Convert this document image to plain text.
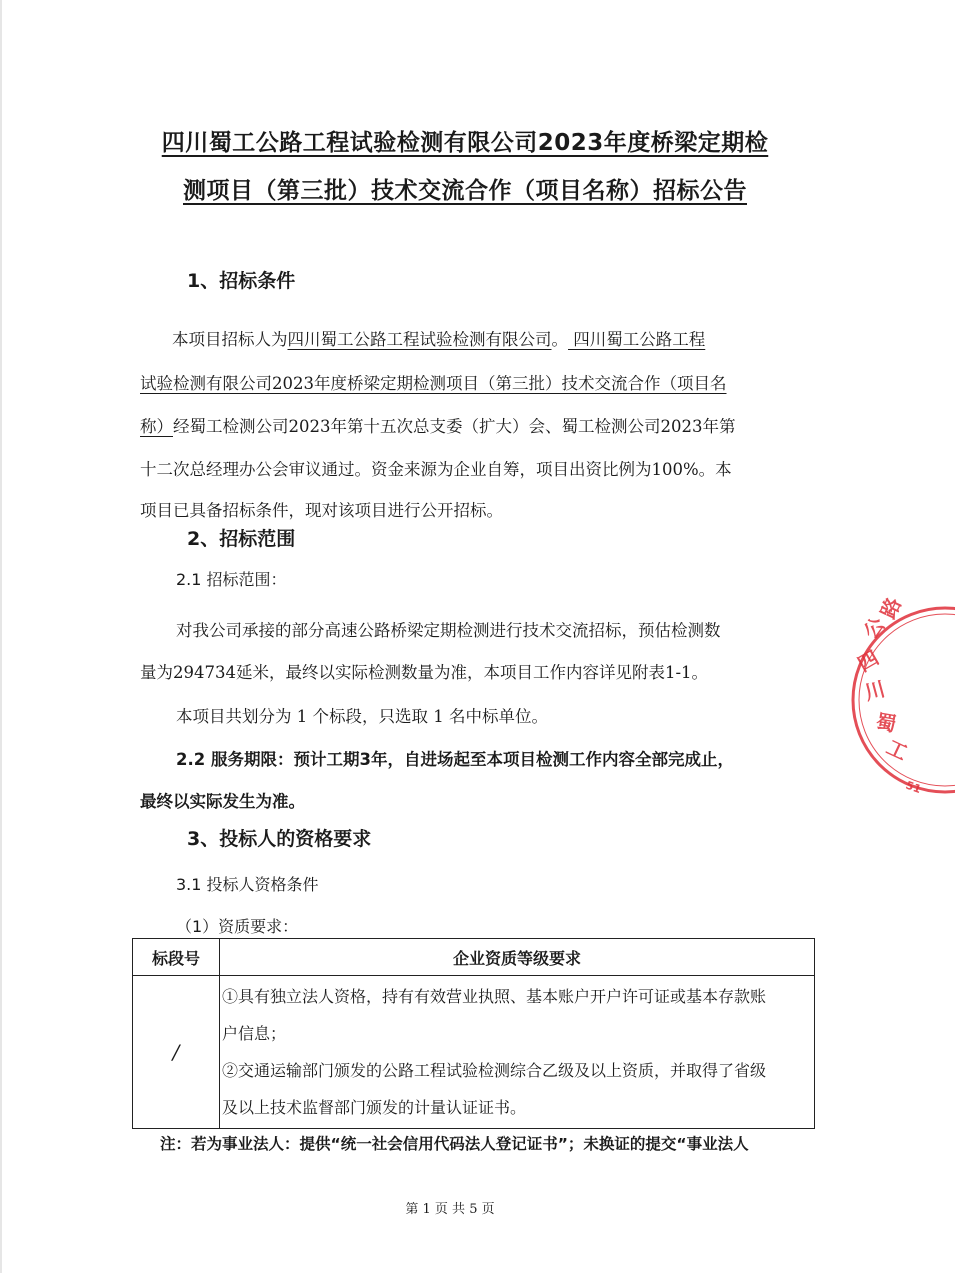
四川蜀工公路工程试验检测有限公司2023年度桥梁定期检
测项目（第三批）技术交流合作（项目名称）招标公告
1、招标条件
本项目招标人为四川蜀工公路工程试验检测有限公司。 四川蜀工公路工程
试验检测有限公司2023年度桥梁定期检测项目（第三批）技术交流合作（项目名
称）经蜀工检测公司2023年第十五次总支委（扩大）会、蜀工检测公司2023年第
十二次总经理办公会审议通过。资金来源为企业自筹，项目出资比例为100%。本
项目已具备招标条件，现对该项目进行公开招标。
2、招标范围
2.1 招标范围：
对我公司承接的部分高速公路桥梁定期检测进行技术交流招标，预估检测数
量为294734延米，最终以实际检测数量为准，本项目工作内容详见附表1-1。
本项目共划分为 1 个标段，只选取 1 名中标单位。
2.2 服务期限：预计工期3年，自进场起至本项目检测工作内容全部完成止，
最终以实际发生为准。
3、投标人的资格要求
3.1 投标人资格条件
（1）资质要求：
标段号	企业资质等级要求
/	①具有独立法人资格，持有有效营业执照、基本账户开户许可证或基本存款账
户信息；
②交通运输部门颁发的公路工程试验检测综合乙级及以上资质，并取得了省级
及以上技术监督部门颁发的计量认证证书。
注：若为事业法人：提供“统一社会信用代码法人登记证书”；未换证的提交“事业法人
第 1 页 共 5 页
四
川
蜀
工
公
路
51
